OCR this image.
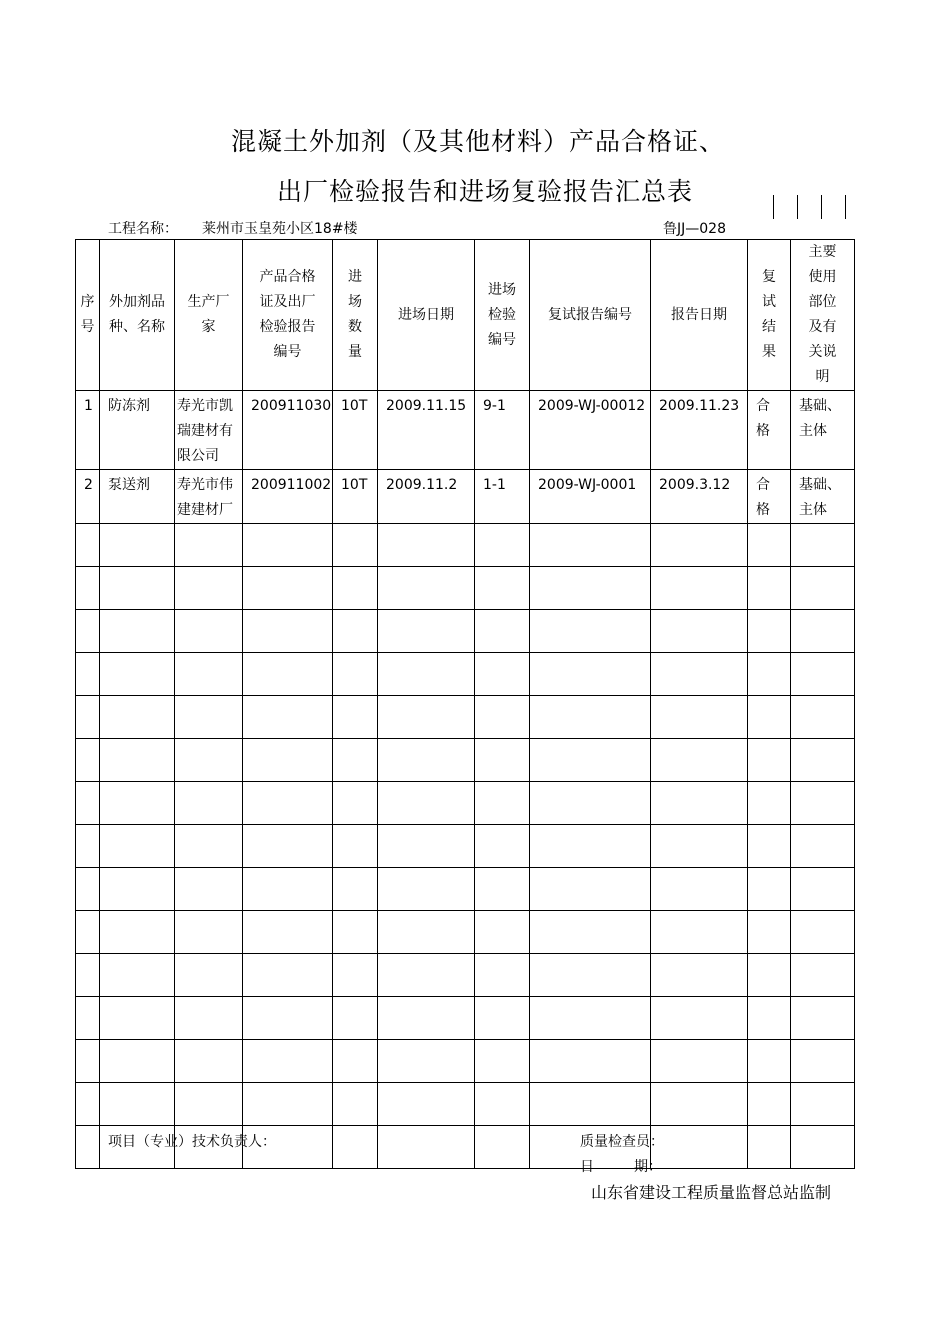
混凝土外加剂（及其他材料）产品合格证、
出厂检验报告和进场复验报告汇总表
工程名称： 莱州市玉皇苑小区18#楼	鲁JJ—028
序号	外加剂品种、名称	生产厂家	产品合格证及出厂检验报告编号	进场数量	进场日期	进场检验编号	复试报告编号	报告日期	复试结果	主要使用部位及有关说明

1	防冻剂	寿光市凯瑞建材有限公司	200911030	10T	2009.11.15	9-1	2009-WJ-00012	2009.11.23	合格	基础、主体

2	泵送剂	寿光市伟建建材厂	200911002	10T	2009.11.2	1-1	2009-WJ-0001	2009.3.12	合格	基础、主体

项目（专业）技术负责人：	质量检查员：
日	期：
山东省建设工程质量监督总站监制
